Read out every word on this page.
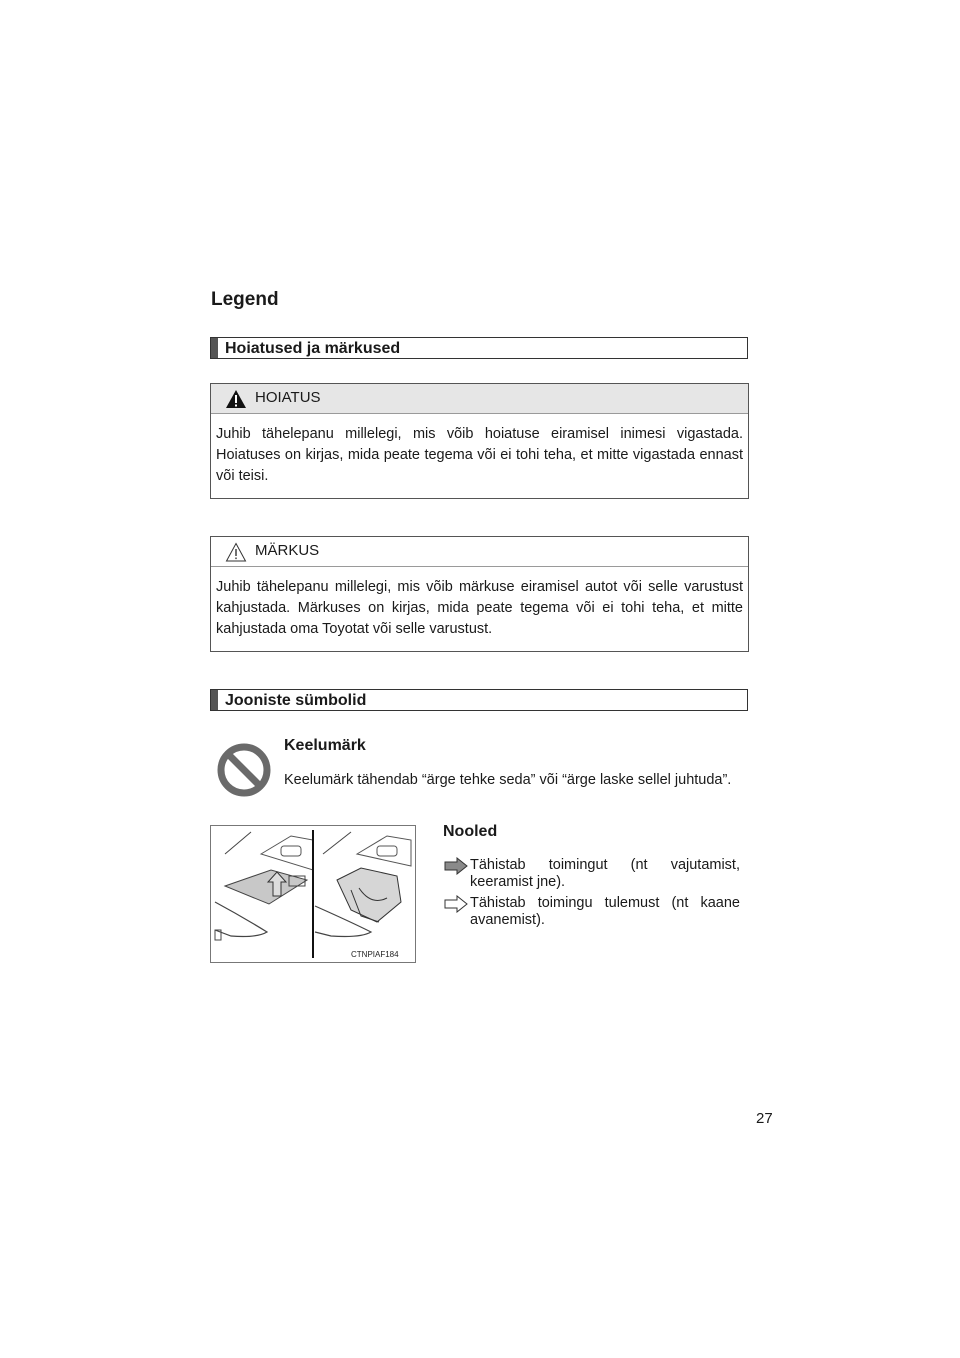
Legend
Hoiatused ja märkused
HOIATUS
Juhib tähelepanu millelegi, mis võib hoiatuse eiramisel inimesi vigastada. Hoiatuses on kirjas, mida peate tegema või ei tohi teha, et mitte vigastada ennast või teisi.
MÄRKUS
Juhib tähelepanu millelegi, mis võib märkuse eiramisel autot või selle varustust kahjustada. Märkuses on kirjas, mida peate tegema või ei tohi teha, et mitte kahjustada oma Toyotat või selle varustust.
Jooniste sümbolid
Keelumärk
Keelumärk tähendab “ärge tehke seda” või “ärge laske sellel juhtuda”.
CTNPIAF184
Nooled
Tähistab toimingut (nt vajutamist, keeramist jne).
Tähistab toimingu tulemust (nt kaane avanemist).
27
